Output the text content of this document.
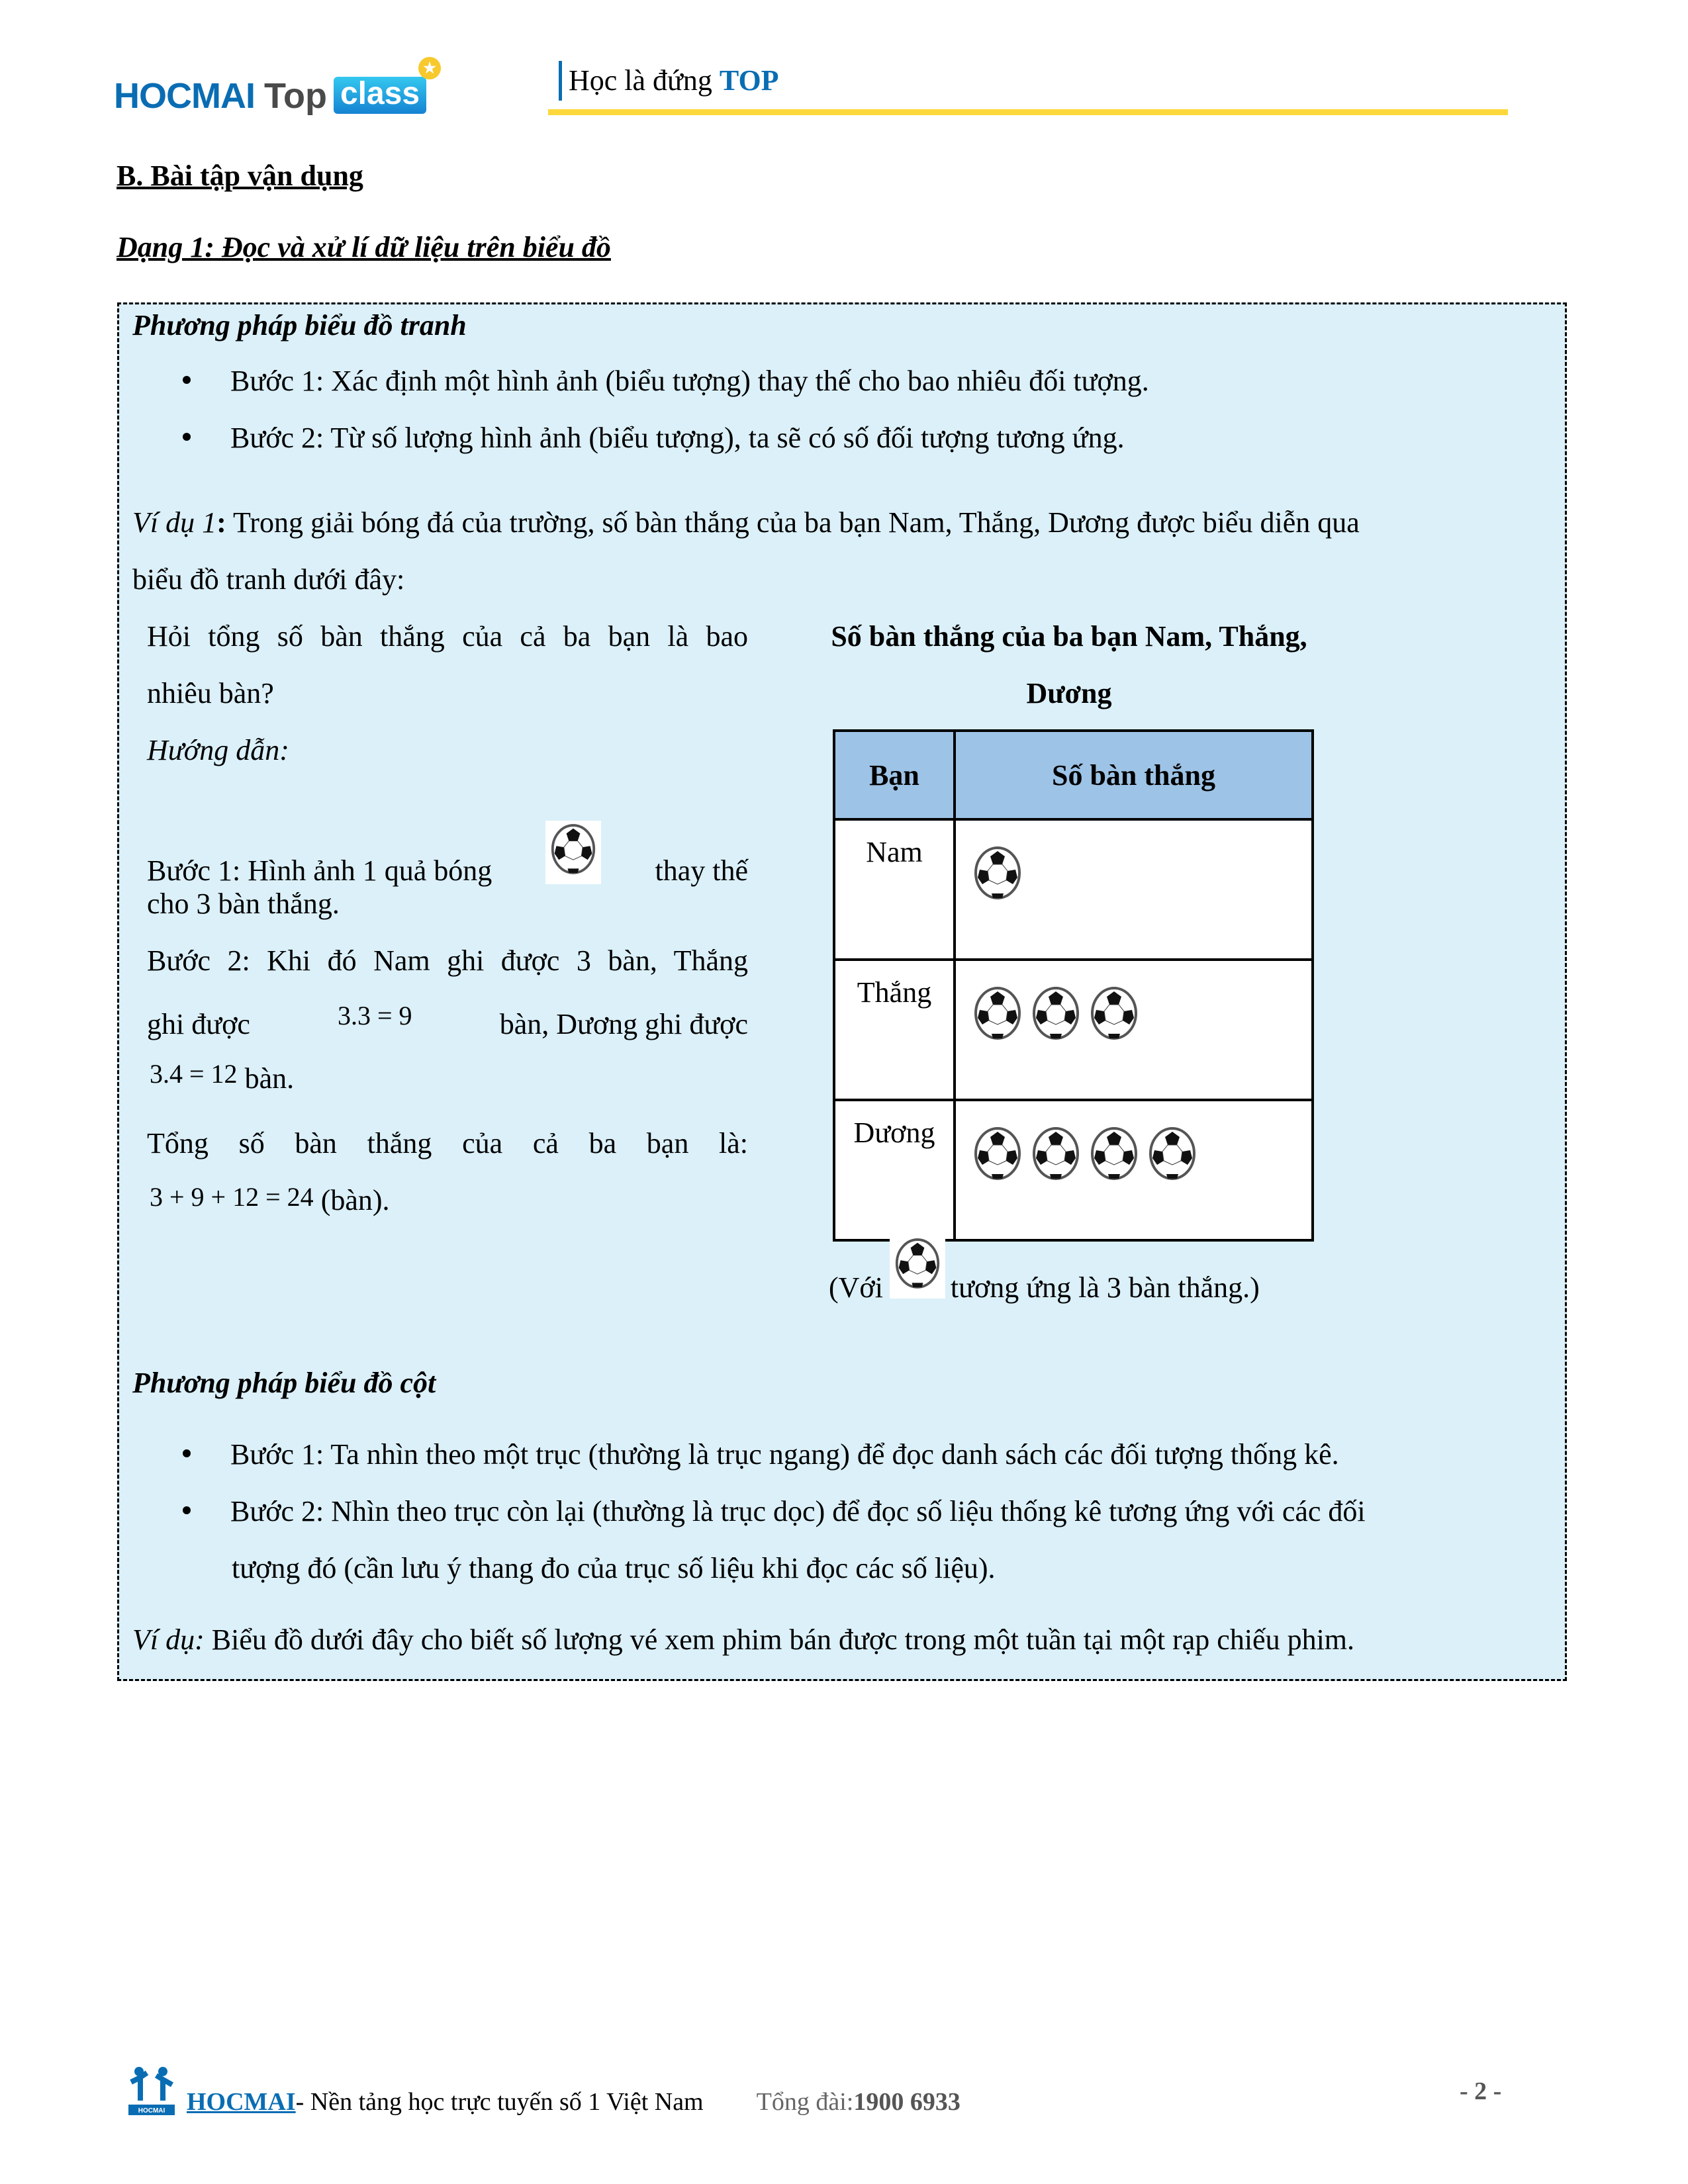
HOCMAI Top class
★	Học là đứng TOP
B. Bài tập vận dụng
Dạng 1: Đọc và xử lí dữ liệu trên biểu đồ
Phương pháp biểu đồ tranh
Bước 1: Xác định một hình ảnh (biểu tượng) thay thế cho bao nhiêu đối tượng.
Bước 2: Từ số lượng hình ảnh (biểu tượng), ta sẽ có số đối tượng tương ứng.
Ví dụ 1: Trong giải bóng đá của trường, số bàn thắng của ba bạn Nam, Thắng, Dương được biểu diễn qua
biểu đồ tranh dưới đây:
Hỏi tổng số bàn thắng của cả ba bạn là bao
nhiêu bàn?
Hướng dẫn:
Bước 1: Hình ảnh 1 quả bóng	thay thế
cho 3 bàn thắng.
Bước 2: Khi đó Nam ghi được 3 bàn, Thắng
ghi được	3.3 = 9	bàn, Dương ghi được
3.4 = 12 bàn.
Tổng số bàn thắng của cả ba bạn là:
3 + 9 + 12 = 24 (bàn).
Số bàn thắng của ba bạn Nam, Thắng,
Dương
Bạn	Số bàn thắng
Nam	

Thắng	

Dương	
(Với tương ứng là 3 bàn thắng.)
Phương pháp biểu đồ cột
Bước 1: Ta nhìn theo một trục (thường là trục ngang) để đọc danh sách các đối tượng thống kê.
Bước 2: Nhìn theo trục còn lại (thường là trục dọc) để đọc số liệu thống kê tương ứng với các đối
tượng đó (cần lưu ý thang đo của trục số liệu khi đọc các số liệu).
Ví dụ: Biểu đồ dưới đây cho biết số lượng vé xem phim bán được trong một tuần tại một rạp chiếu phim.
HOCMAI HOCMAI - Nền tảng học trực tuyến số 1 Việt Nam Tổng đài: 1900 6933	- 2 -
